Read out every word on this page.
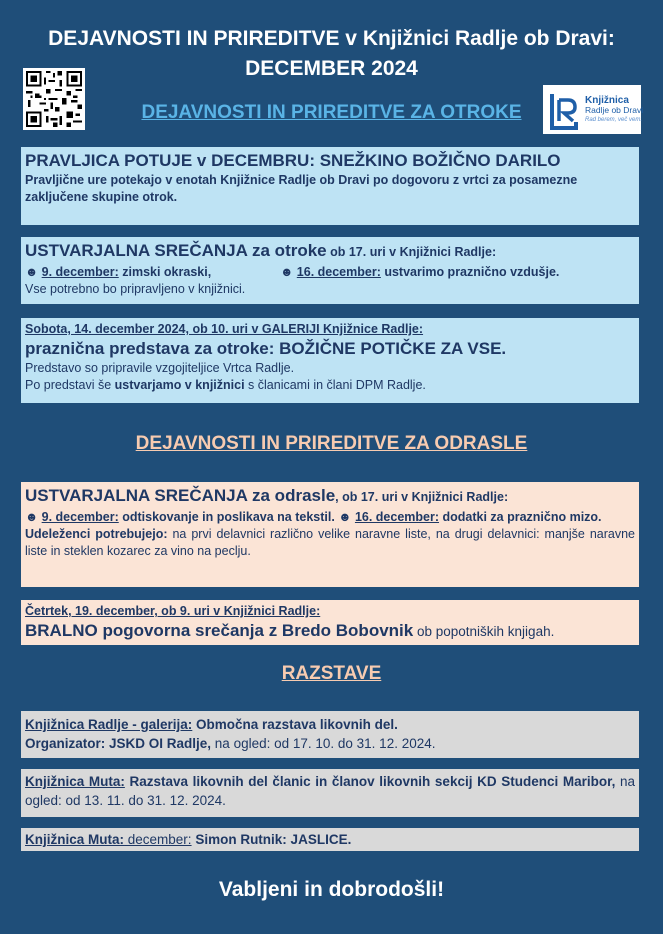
DEJAVNOSTI IN PRIREDITVE v Knjižnici Radlje ob Dravi:
DECEMBER 2024
Knjižnica
Radlje ob Dravi
Rad berem, več vem.
DEJAVNOSTI IN PRIREDITVE ZA OTROKE
PRAVLJICA POTUJE v DECEMBRU: SNEŽKINO BOŽIČNO DARILO
Pravljične ure potekajo v enotah Knjižnice Radlje ob Dravi po dogovoru z vrtci za posamezne zaključene skupine otrok.
USTVARJALNA SREČANJA za otroke ob 17. uri v Knjižnici Radlje:
☻ 9. december: zimski okraski,	☻ 16. december: ustvarimo praznično vzdušje.
Vse potrebno bo pripravljeno v knjižnici.
Sobota, 14. december 2024, ob 10. uri v GALERIJI Knjižnice Radlje:
praznična predstava za otroke: BOŽIČNE POTIČKE ZA VSE.
Predstavo so pripravile vzgojiteljice Vrtca Radlje.
Po predstavi še ustvarjamo v knjižnici s članicami in člani DPM Radlje.
DEJAVNOSTI IN PRIREDITVE ZA ODRASLE
USTVARJALNA SREČANJA za odrasle, ob 17. uri v Knjižnici Radlje:
☻ 9. december: odtiskovanje in poslikava na tekstil. ☻ 16. december: dodatki za praznično mizo.
Udeleženci potrebujejo: na prvi delavnici različno velike naravne liste, na drugi delavnici: manjše naravne liste in steklen kozarec za vino na peclju.
Četrtek, 19. december, ob 9. uri v Knjižnici Radlje:
BRALNO pogovorna srečanja z Bredo Bobovnik ob popotniških knjigah.
RAZSTAVE
Knjižnica Radlje - galerija: Območna razstava likovnih del.
Organizator: JSKD OI Radlje, na ogled: od 17. 10. do 31. 12. 2024.
Knjižnica Muta: Razstava likovnih del članic in članov likovnih sekcij KD Studenci Maribor, na ogled: od 13. 11. do 31. 12. 2024.
Knjižnica Muta: december: Simon Rutnik: JASLICE.
Vabljeni in dobrodošli!
